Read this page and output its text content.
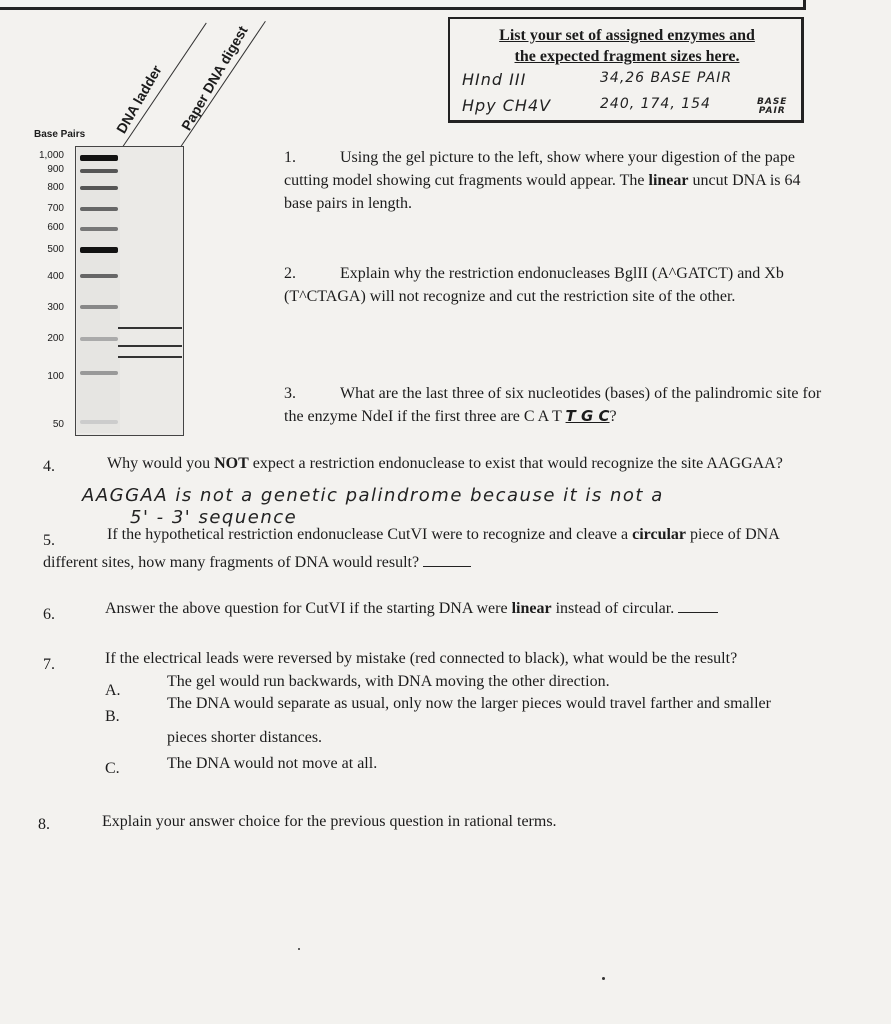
List your set of assigned enzymes and
the expected fragment sizes here.
HInd III	34,26 BASE PAIR
Hpy CH4V	240, 174, 154	BASE
PAIR
DNA ladder Paper DNA digest
Base Pairs
1,000
900
800
700
600
500
400
300
200
100
50
1.	Using the gel picture to the left, show where your digestion of the pape
cutting model showing cut fragments would appear. The linear uncut DNA is 64
base pairs in length.
2.	Explain why the restriction endonucleases BglII (A^GATCT) and Xb
(T^CTAGA) will not recognize and cut the restriction site of the other.
3.	What are the last three of six nucleotides (bases) of the palindromic site for
the enzyme NdeI if the first three are C A T T G C?
4.	Why would you NOT expect a restriction endonuclease to exist that would recognize the site AAGGAA?
AAGGAA is not a genetic palindrome because it is not a
5' - 3' sequence
5.	If the hypothetical restriction endonuclease CutVI were to recognize and cleave a circular piece of DNA
different sites, how many fragments of DNA would result?
6.	Answer the above question for CutVI if the starting DNA were linear instead of circular.
7.	If the electrical leads were reversed by mistake (red connected to black), what would be the result?
A.
The gel would run backwards, with DNA moving the other direction.
B.
The DNA would separate as usual, only now the larger pieces would travel farther and smaller
pieces shorter distances.
C.	The DNA would not move at all.
8.	Explain your answer choice for the previous question in rational terms.
